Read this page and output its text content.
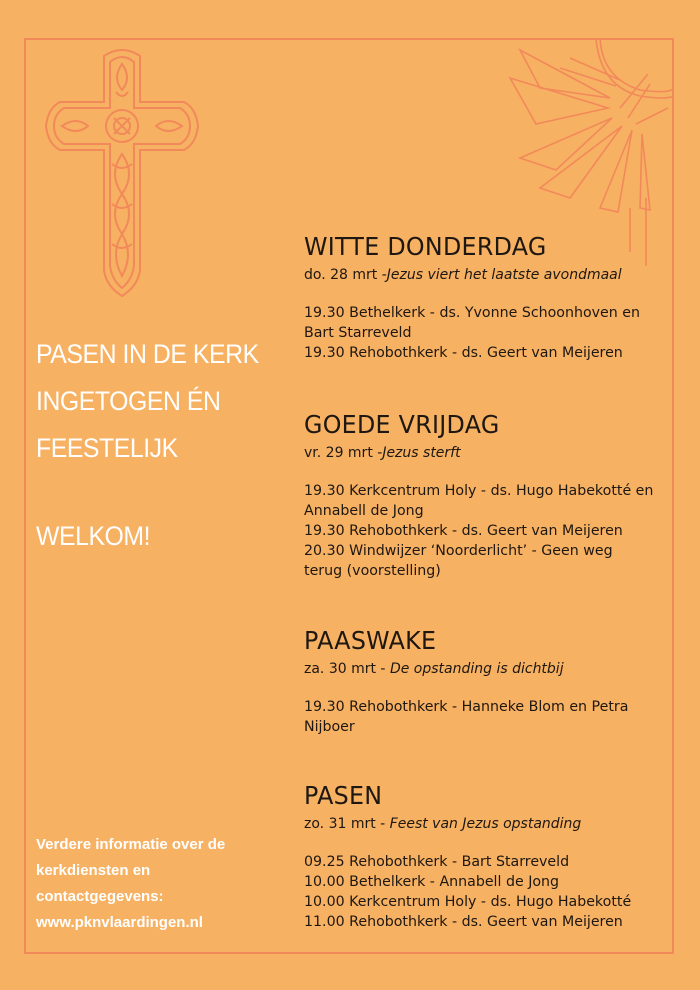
PASEN IN DE KERK
INGETOGEN ÉN
FEESTELIJK
WELKOM!
Verdere informatie over de
kerkdiensten en
contactgegevens:
www.pknvlaardingen.nl
WITTE DONDERDAG
do. 28 mrt -Jezus viert het laatste avondmaal
19.30 Bethelkerk - ds. Yvonne Schoonhoven en Bart Starreveld
19.30 Rehobothkerk - ds. Geert van Meijeren
GOEDE VRIJDAG
vr. 29 mrt -Jezus sterft
19.30 Kerkcentrum Holy - ds. Hugo Habekotté en Annabell de Jong
19.30 Rehobothkerk - ds. Geert van Meijeren
20.30 Windwijzer ‘Noorderlicht’ - Geen weg terug (voorstelling)
PAASWAKE
za. 30 mrt - De opstanding is dichtbij
19.30 Rehobothkerk - Hanneke Blom en Petra Nijboer
PASEN
zo. 31 mrt - Feest van Jezus opstanding
09.25 Rehobothkerk - Bart Starreveld
10.00 Bethelkerk - Annabell de Jong
10.00 Kerkcentrum Holy - ds. Hugo Habekotté
11.00 Rehobothkerk - ds. Geert van Meijeren
